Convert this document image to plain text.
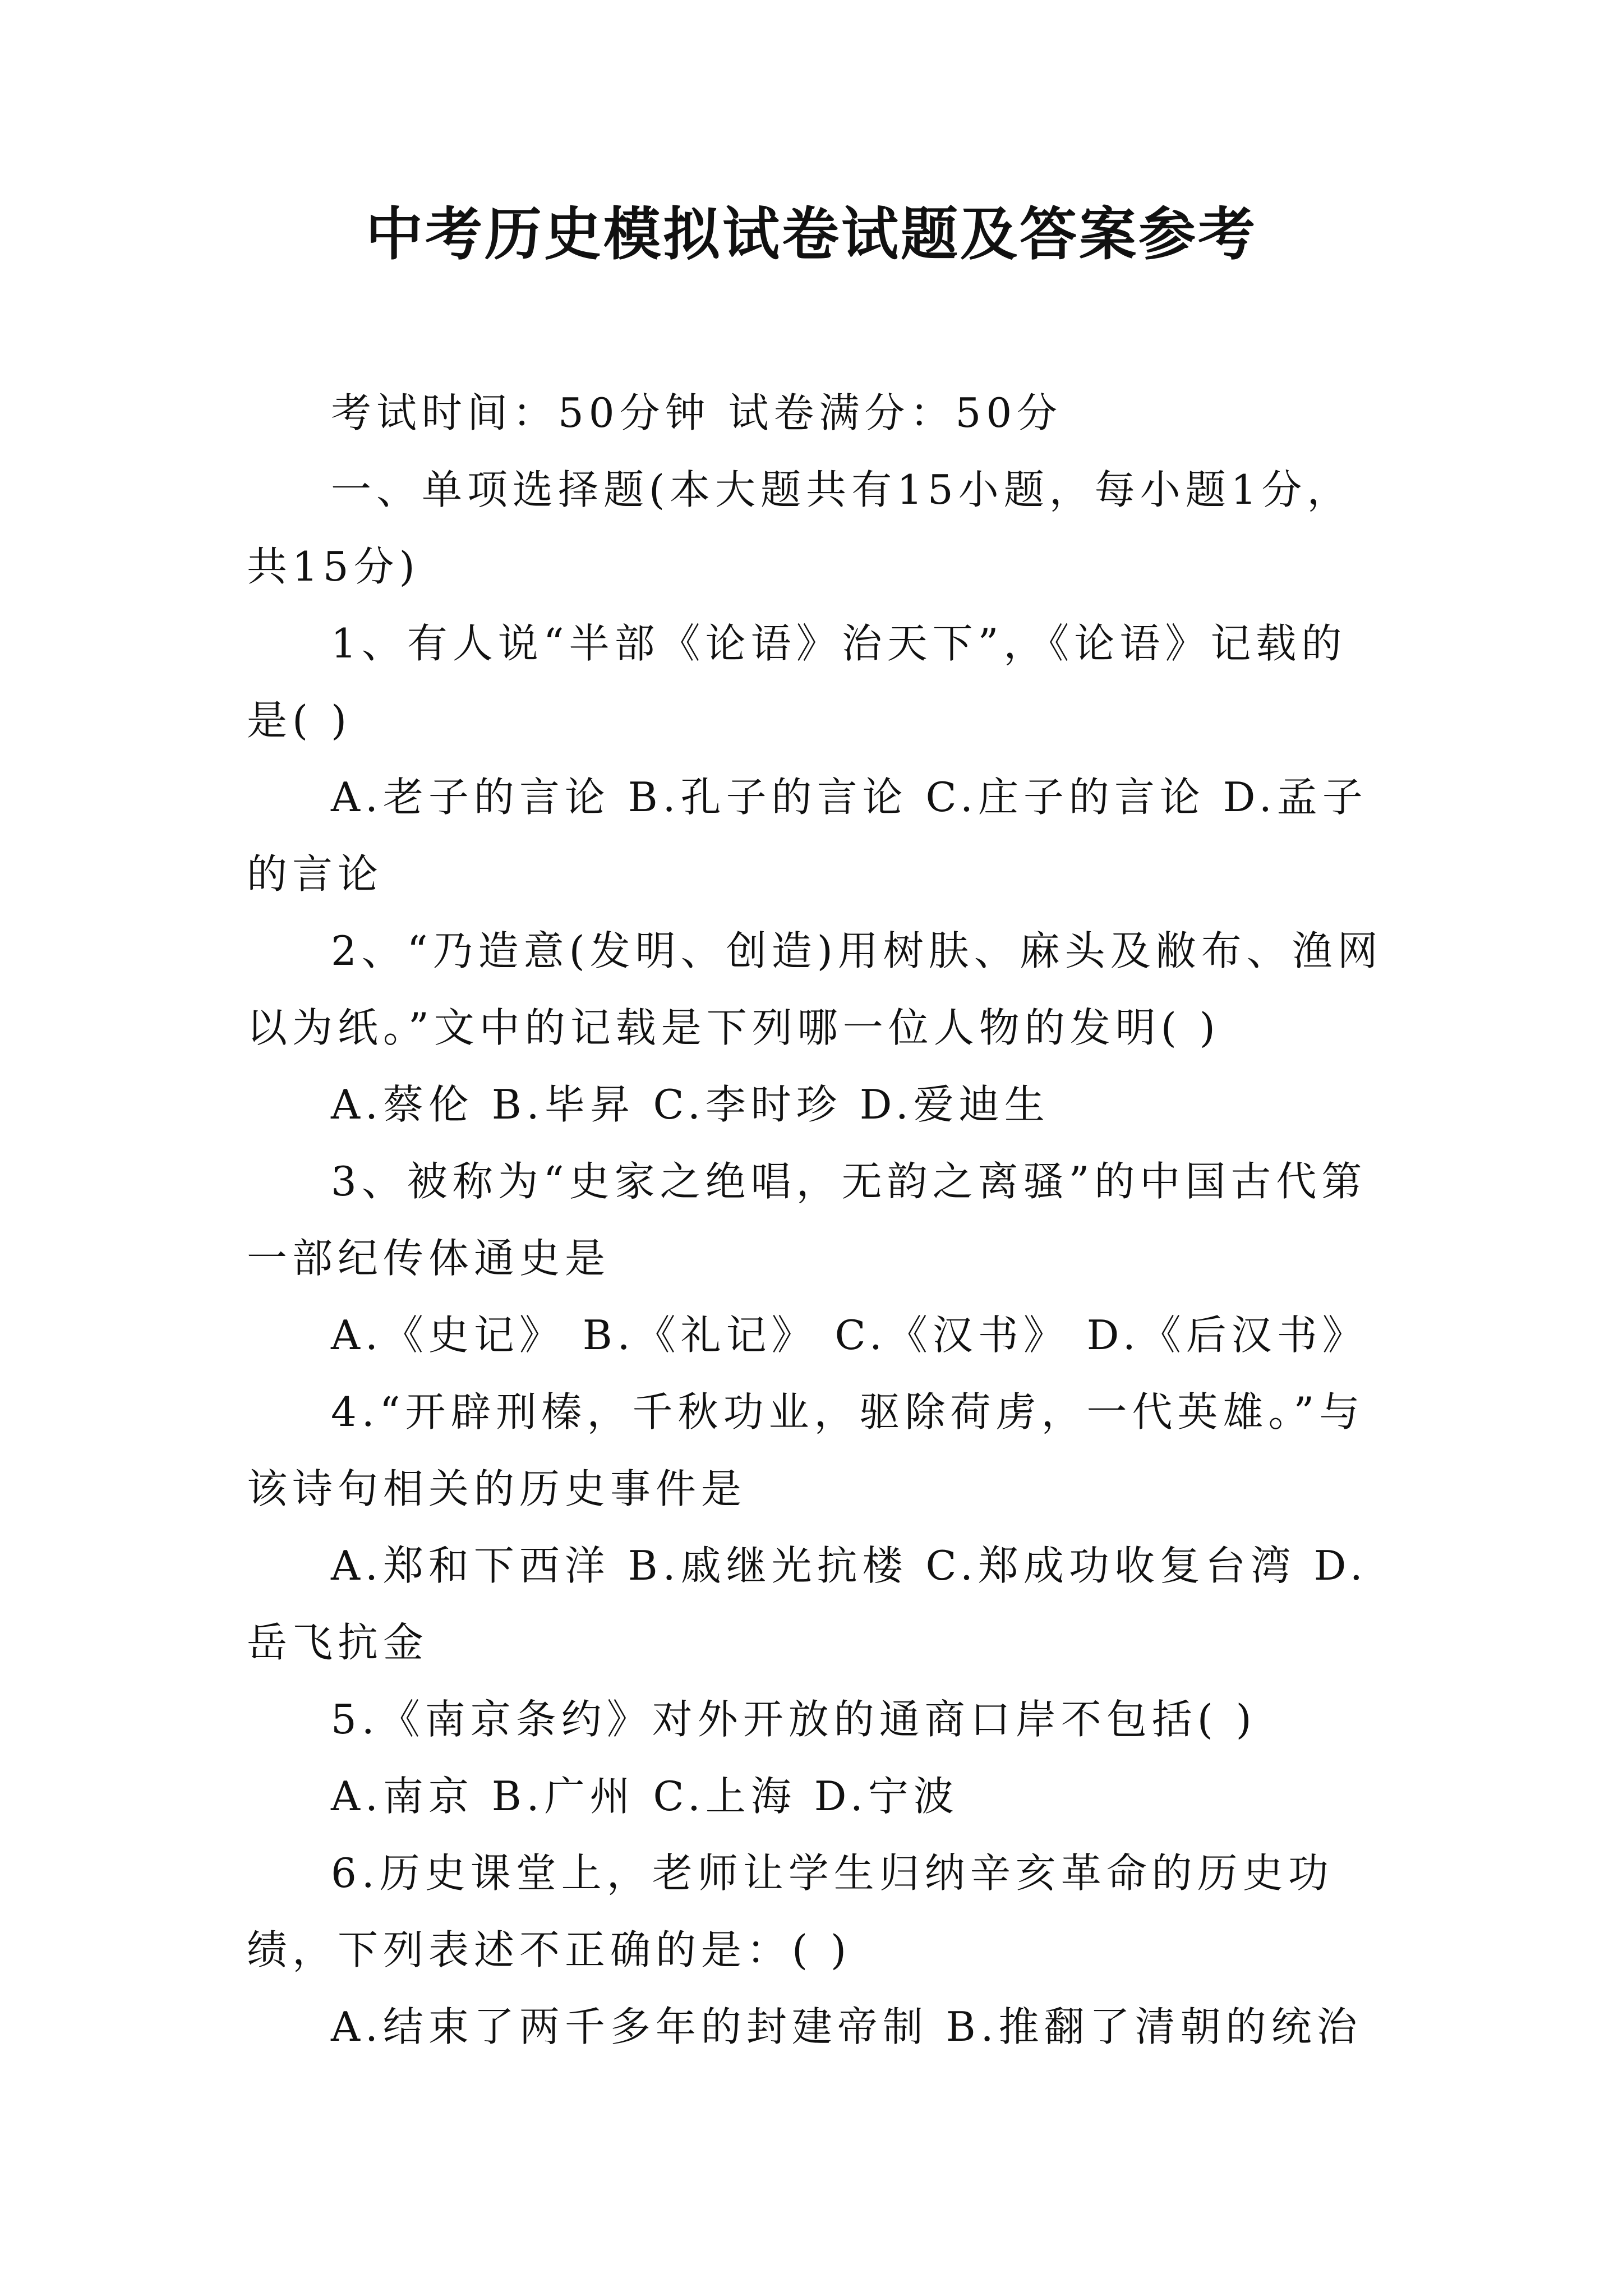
中考历史模拟试卷试题及答案参考

考试时间：50分钟 试卷满分：50分

一、单项选择题(本大题共有15小题，每小题1分，共15分)

1、有人说“半部《论语》治天下”，《论语》记载的是( )

A.老子的言论 B.孔子的言论 C.庄子的言论 D.孟子的言论

2、“乃造意(发明、创造)用树肤、麻头及敝布、渔网以为纸。”文中的记载是下列哪一位人物的发明( )

A.蔡伦 B.毕昇 C.李时珍 D.爱迪生

3、被称为“史家之绝唱，无韵之离骚”的中国古代第一部纪传体通史是

A.《史记》 B.《礼记》 C.《汉书》 D.《后汉书》

4.“开辟刑榛，千秋功业，驱除荷虏，一代英雄。”与该诗句相关的历史事件是

A.郑和下西洋 B.戚继光抗楼 C.郑成功收复台湾 D.岳飞抗金

5.《南京条约》对外开放的通商口岸不包括( )

A.南京 B.广州 C.上海 D.宁波

6.历史课堂上，老师让学生归纳辛亥革命的历史功绩，下列表述不正确的是：( )

A.结束了两千多年的封建帝制 B.推翻了清朝的统治
